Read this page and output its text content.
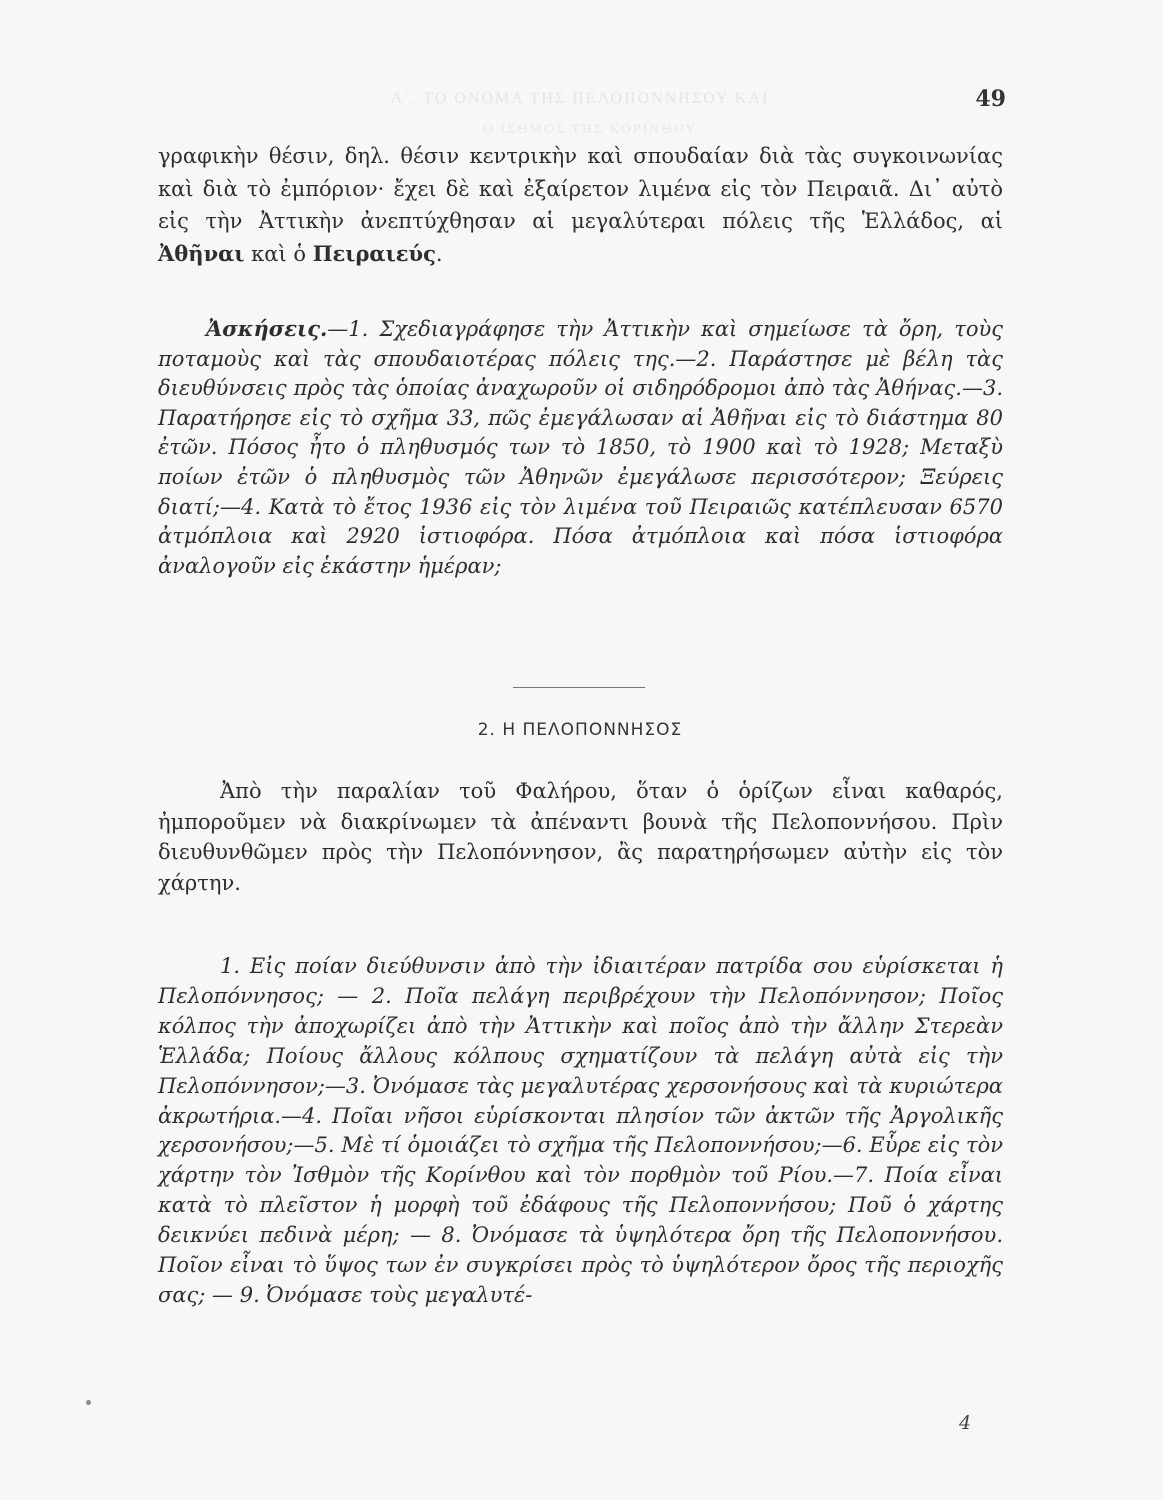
Α΄. ΤΟ ΟΝΟΜΑ ΤΗΣ ΠΕΛΟΠΟΝΝΗΣΟΥ ΚΑΙ
Ο ΙΣΘΜΟΣ ΤΗΣ ΚΟΡΙΝΘΟΥ
49

γραφικὴν θέσιν, δηλ. θέσιν κεντρικὴν καὶ σπουδαίαν διὰ τὰς συγκοινωνίας καὶ διὰ τὸ ἐμπόριον· ἔχει δὲ καὶ ἐξαίρετον λιμένα εἰς τὸν Πειραιᾶ. Δι᾿ αὐτὸ εἰς τὴν Ἀττικὴν ἀνεπτύχθησαν αἱ μεγαλύτεραι πόλεις τῆς Ἑλλάδος, αἱ Ἀθῆναι καὶ ὁ Πειραιεύς.

Ἀσκήσεις.—1. Σχεδιαγράφησε τὴν Ἀττικὴν καὶ σημείωσε τὰ ὄρη, τοὺς ποταμοὺς καὶ τὰς σπουδαιοτέρας πόλεις της.—2. Παράστησε μὲ βέλη τὰς διευθύνσεις πρὸς τὰς ὁποίας ἀναχωροῦν οἱ σιδηρόδρομοι ἀπὸ τὰς Ἀθήνας.—3. Παρατήρησε εἰς τὸ σχῆμα 33, πῶς ἐμεγάλωσαν αἱ Ἀθῆναι εἰς τὸ διάστημα 80 ἐτῶν. Πόσος ἦτο ὁ πληθυσμός των τὸ 1850, τὸ 1900 καὶ τὸ 1928; Μεταξὺ ποίων ἐτῶν ὁ πληθυσμὸς τῶν Ἀθηνῶν ἐμεγάλωσε περισσότερον; Ξεύρεις διατί;—4. Κατὰ τὸ ἔτος 1936 εἰς τὸν λιμένα τοῦ Πειραιῶς κατέπλευσαν 6570 ἀτμόπλοια καὶ 2920 ἱστιοφόρα. Πόσα ἀτμόπλοια καὶ πόσα ἱστιοφόρα ἀναλογοῦν εἰς ἑκάστην ἡμέραν;

2. Η ΠΕΛΟΠΟΝΝΗΣΟΣ

Ἀπὸ τὴν παραλίαν τοῦ Φαλήρου, ὅταν ὁ ὁρίζων εἶναι καθαρός, ἠμποροῦμεν νὰ διακρίνωμεν τὰ ἀπέναντι βουνὰ τῆς Πελοποννήσου. Πρὶν διευθυνθῶμεν πρὸς τὴν Πελοπόννησον, ἂς παρατηρήσωμεν αὐτὴν εἰς τὸν χάρτην.

1. Εἰς ποίαν διεύθυνσιν ἀπὸ τὴν ἰδιαιτέραν πατρίδα σου εὑρίσκεται ἡ Πελοπόννησος; — 2. Ποῖα πελάγη περιβρέχουν τὴν Πελοπόννησον; Ποῖος κόλπος τὴν ἀποχωρίζει ἀπὸ τὴν Ἀττικὴν καὶ ποῖος ἀπὸ τὴν ἄλλην Στερεὰν Ἑλλάδα; Ποίους ἄλλους κόλπους σχηματίζουν τὰ πελάγη αὐτὰ εἰς τὴν Πελοπόννησον;—3. Ὀνόμασε τὰς μεγαλυτέρας χερσονήσους καὶ τὰ κυριώτερα ἀκρωτήρια.—4. Ποῖαι νῆσοι εὑρίσκονται πλησίον τῶν ἀκτῶν τῆς Ἀργολικῆς χερσονήσου;—5. Μὲ τί ὁμοιάζει τὸ σχῆμα τῆς Πελοποννήσου;—6. Εὗρε εἰς τὸν χάρτην τὸν Ἰσθμὸν τῆς Κορίνθου καὶ τὸν πορθμὸν τοῦ Ρίου.—7. Ποία εἶναι κατὰ τὸ πλεῖστον ἡ μορφὴ τοῦ ἐδάφους τῆς Πελοποννήσου; Ποῦ ὁ χάρτης δεικνύει πεδινὰ μέρη; — 8. Ὀνόμασε τὰ ὑψηλότερα ὄρη τῆς Πελοποννήσου. Ποῖον εἶναι τὸ ὕψος των ἐν συγκρίσει πρὸς τὸ ὑψηλότερον ὄρος τῆς περιοχῆς σας; — 9. Ὀνόμασε τοὺς μεγαλυτέ-

4
